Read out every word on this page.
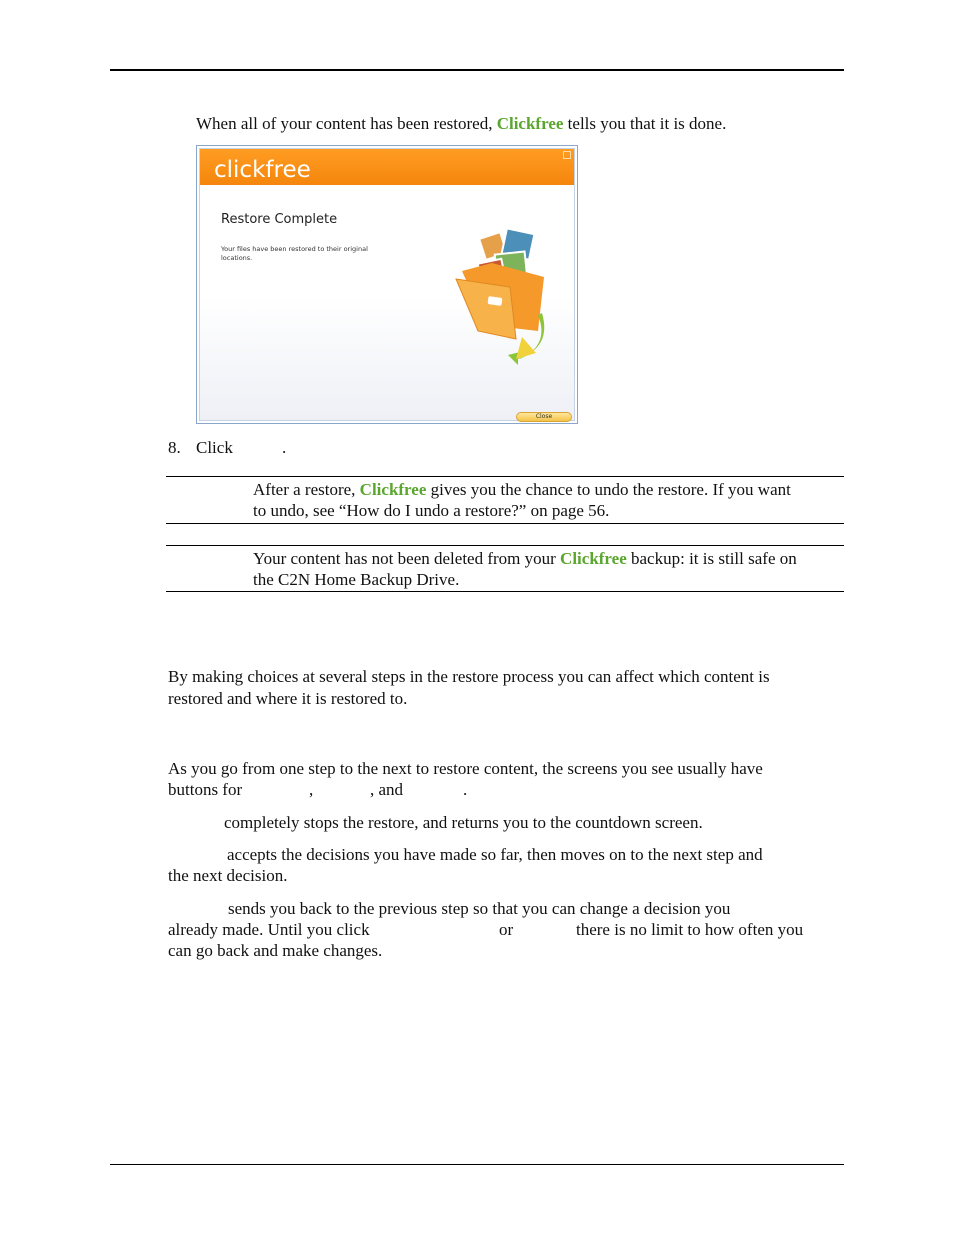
When all of your content has been restored, Clickfree tells you that it is done.
clickfree
Restore Complete
Your files have been restored to their original locations.
Close
8. Click	.
After a restore, Clickfree gives you the chance to undo the restore. If you want
to undo, see “How do I undo a restore?” on page 56.
Your content has not been deleted from your Clickfree backup: it is still safe on
the C2N Home Backup Drive.
By making choices at several steps in the restore process you can affect which content is
restored and where it is restored to.
As you go from one step to the next to restore content, the screens you see usually have
buttons for	,	, and	.
completely stops the restore, and returns you to the countdown screen.
accepts the decisions you have made so far, then moves on to the next step and
the next decision.
sends you back to the previous step so that you can change a decision you
already made. Until you click	or	there is no limit to how often you
can go back and make changes.
